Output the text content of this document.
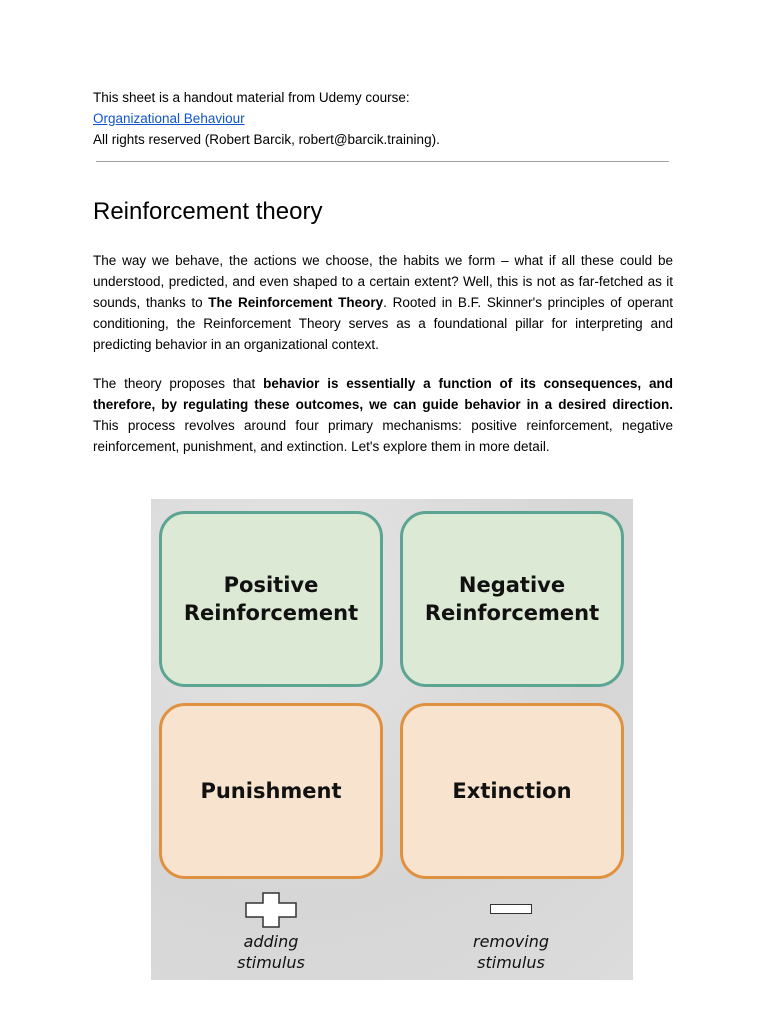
This sheet is a handout material from Udemy course:
Organizational Behaviour
All rights reserved (Robert Barcik, robert@barcik.training).
Reinforcement theory

The way we behave, the actions we choose, the habits we form – what if all these could be understood, predicted, and even shaped to a certain extent? Well, this is not as far-fetched as it sounds, thanks to The Reinforcement Theory. Rooted in B.F. Skinner's principles of operant conditioning, the Reinforcement Theory serves as a foundational pillar for interpreting and predicting behavior in an organizational context.

The theory proposes that behavior is essentially a function of its consequences, and therefore, by regulating these outcomes, we can guide behavior in a desired direction. This process revolves around four primary mechanisms: positive reinforcement, negative reinforcement, punishment, and extinction. Let's explore them in more detail.

Positive
Reinforcement
Negative
Reinforcement
Punishment	Extinction
adding
stimulus
removing
stimulus
